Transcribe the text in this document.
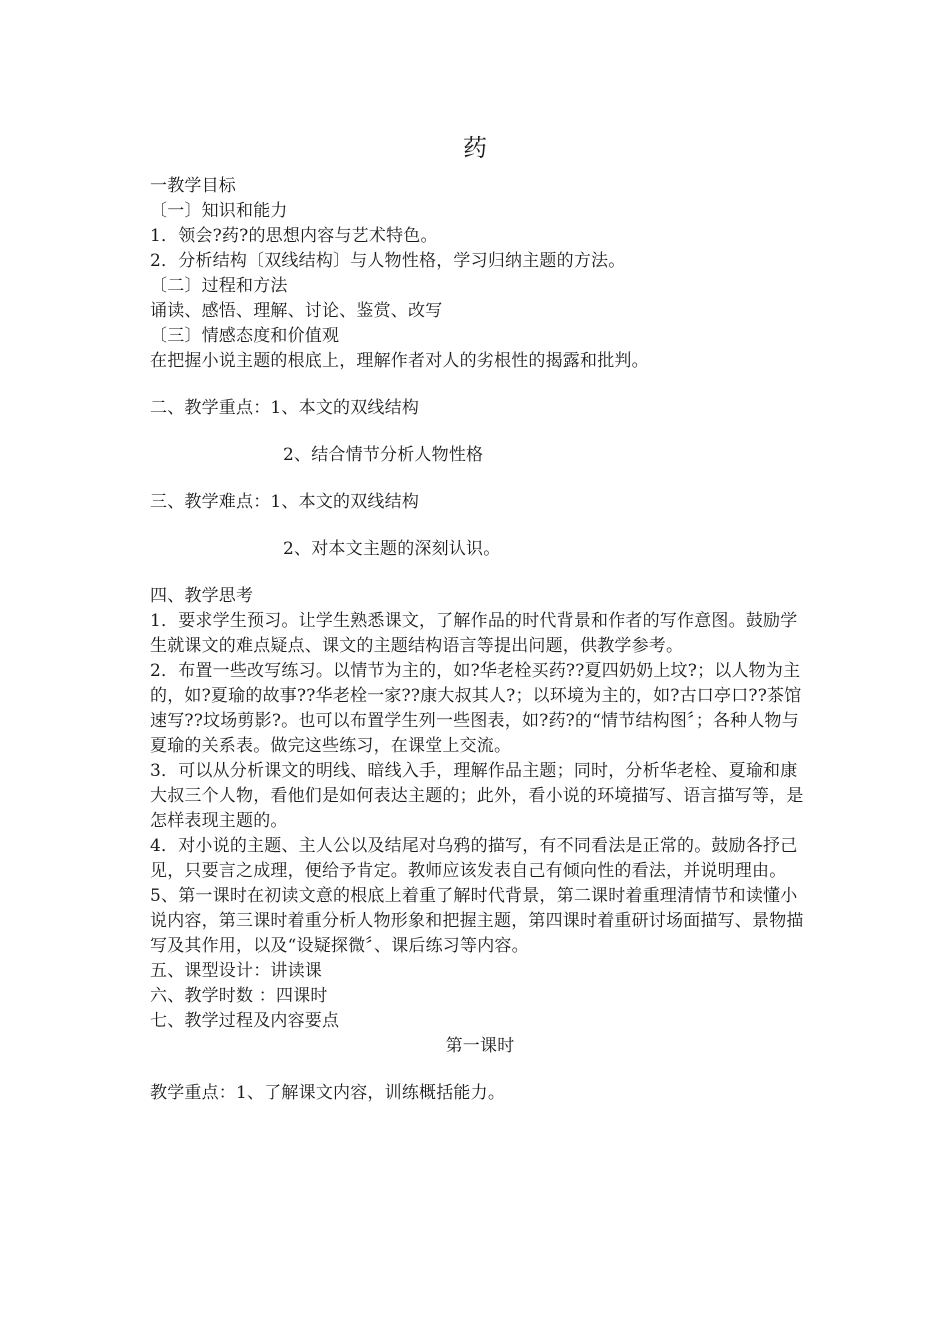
药

一教学目标

〔一〕知识和能力

1．领会?药?的思想内容与艺术特色。

2．分析结构〔双线结构〕与人物性格，学习归纳主题的方法。

〔二〕过程和方法

诵读、感悟、理解、讨论、鉴赏、改写

〔三〕情感态度和价值观

在把握小说主题的根底上，理解作者对人的劣根性的揭露和批判。

二、教学重点：1、本文的双线结构

2、结合情节分析人物性格

三、教学难点：1、本文的双线结构

2、对本文主题的深刻认识。

四、教学思考

1．要求学生预习。让学生熟悉课文，了解作品的时代背景和作者的写作意图。鼓励学生就课文的难点疑点、课文的主题结构语言等提出问题，供教学参考。

2．布置一些改写练习。以情节为主的，如?华老栓买药??夏四奶奶上坟?；以人物为主的，如?夏瑜的故事??华老栓一家??康大叔其人?；以环境为主的，如?古口亭口??茶馆速写??坟场剪影?。也可以布置学生列一些图表，如?药?的“情节结构图〞；各种人物与夏瑜的关系表。做完这些练习，在课堂上交流。

3．可以从分析课文的明线、暗线入手，理解作品主题；同时，分析华老栓、夏瑜和康大叔三个人物，看他们是如何表达主题的；此外，看小说的环境描写、语言描写等，是怎样表现主题的。

4．对小说的主题、主人公以及结尾对乌鸦的描写，有不同看法是正常的。鼓励各抒己见，只要言之成理，便给予肯定。教师应该发表自己有倾向性的看法，并说明理由。

5、第一课时在初读文意的根底上着重了解时代背景，第二课时着重理清情节和读懂小说内容，第三课时着重分析人物形象和把握主题，第四课时着重研讨场面描写、景物描写及其作用，以及“设疑探微〞、课后练习等内容。

五、课型设计：讲读课

六、教学时数 ：四课时

七、教学过程及内容要点

第一课时

教学重点：1、了解课文内容，训练概括能力。
